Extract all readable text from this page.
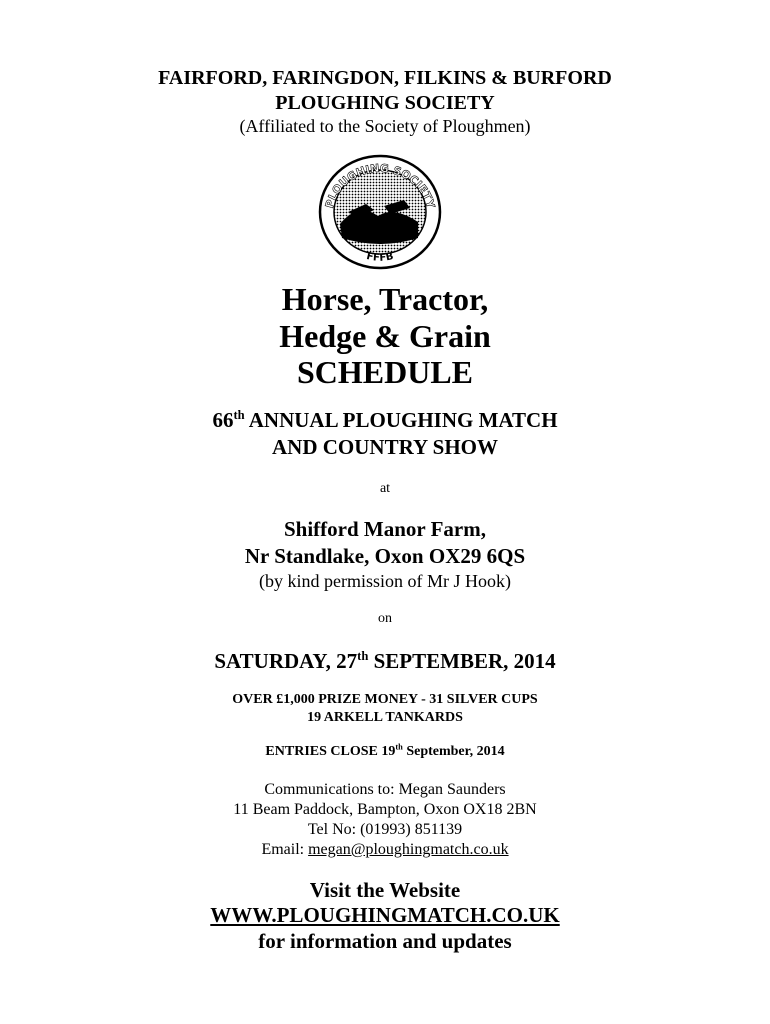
FAIRFORD, FARINGDON, FILKINS & BURFORD
PLOUGHING SOCIETY
(Affiliated to the Society of Ploughmen)
PLOUGHING SOCIETY
FFFB
Horse, Tractor,
Hedge & Grain
SCHEDULE
66th ANNUAL PLOUGHING MATCH
AND COUNTRY SHOW
at
Shifford Manor Farm,
Nr Standlake, Oxon OX29 6QS
(by kind permission of Mr J Hook)
on
SATURDAY, 27th SEPTEMBER, 2014
OVER £1,000 PRIZE MONEY - 31 SILVER CUPS
19 ARKELL TANKARDS
ENTRIES CLOSE 19th September, 2014
Communications to: Megan Saunders
11 Beam Paddock, Bampton, Oxon OX18 2BN
Tel No: (01993) 851139
Email: megan@ploughingmatch.co.uk
Visit the Website
WWW.PLOUGHINGMATCH.CO.UK
for information and updates
